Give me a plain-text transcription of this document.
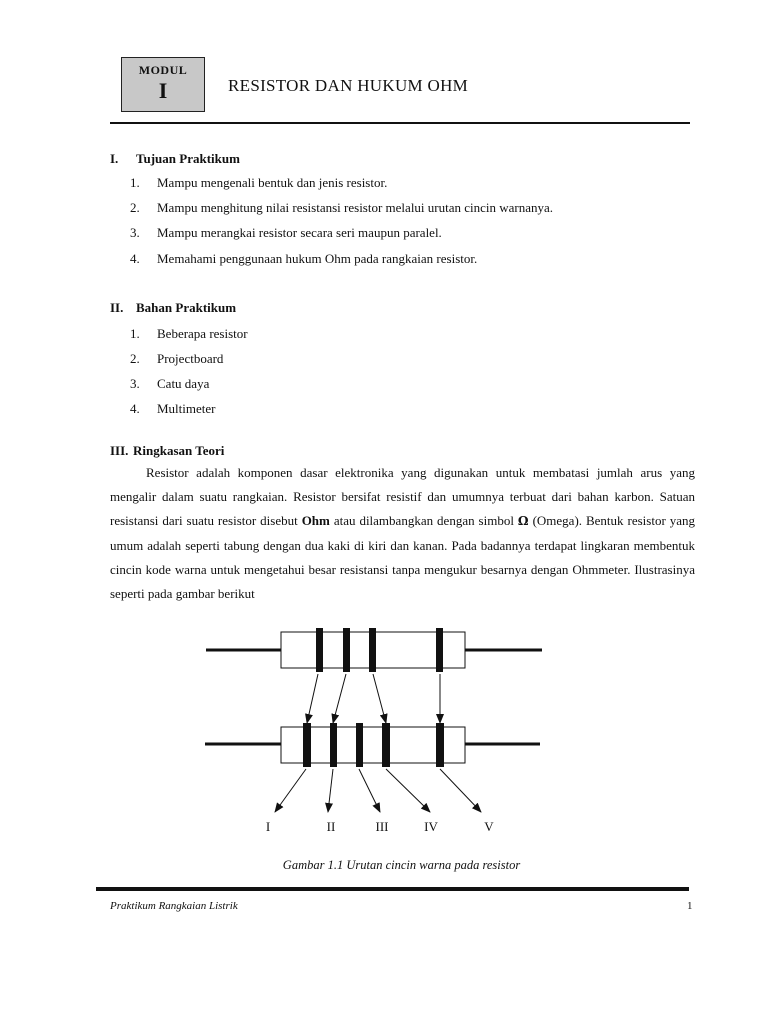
MODUL
I	RESISTOR DAN HUKUM OHM
I. Tujuan Praktikum
1. Mampu mengenali bentuk dan jenis resistor.
2. Mampu menghitung nilai resistansi resistor melalui urutan cincin warnanya.
3. Mampu merangkai resistor secara seri maupun paralel.
4. Memahami penggunaan hukum Ohm pada rangkaian resistor.
II. Bahan Praktikum
1. Beberapa resistor
2. Projectboard
3. Catu daya
4. Multimeter
III. Ringkasan Teori

Resistor adalah komponen dasar elektronika yang digunakan untuk membatasi jumlah arus yang mengalir dalam suatu rangkaian. Resistor bersifat resistif dan umumnya terbuat dari bahan karbon. Satuan resistansi dari suatu resistor disebut Ohm atau dilambangkan dengan simbol Ω (Omega). Bentuk resistor yang umum adalah seperti tabung dengan dua kaki di kiri dan kanan. Pada badannya terdapat lingkaran membentuk cincin kode warna untuk mengetahui besar resistansi tanpa mengukur besarnya dengan Ohmmeter. Ilustrasinya seperti pada gambar berikut

I	II	III	IV	V
Gambar 1.1 Urutan cincin warna pada resistor
Praktikum Rangkaian Listrik	1
